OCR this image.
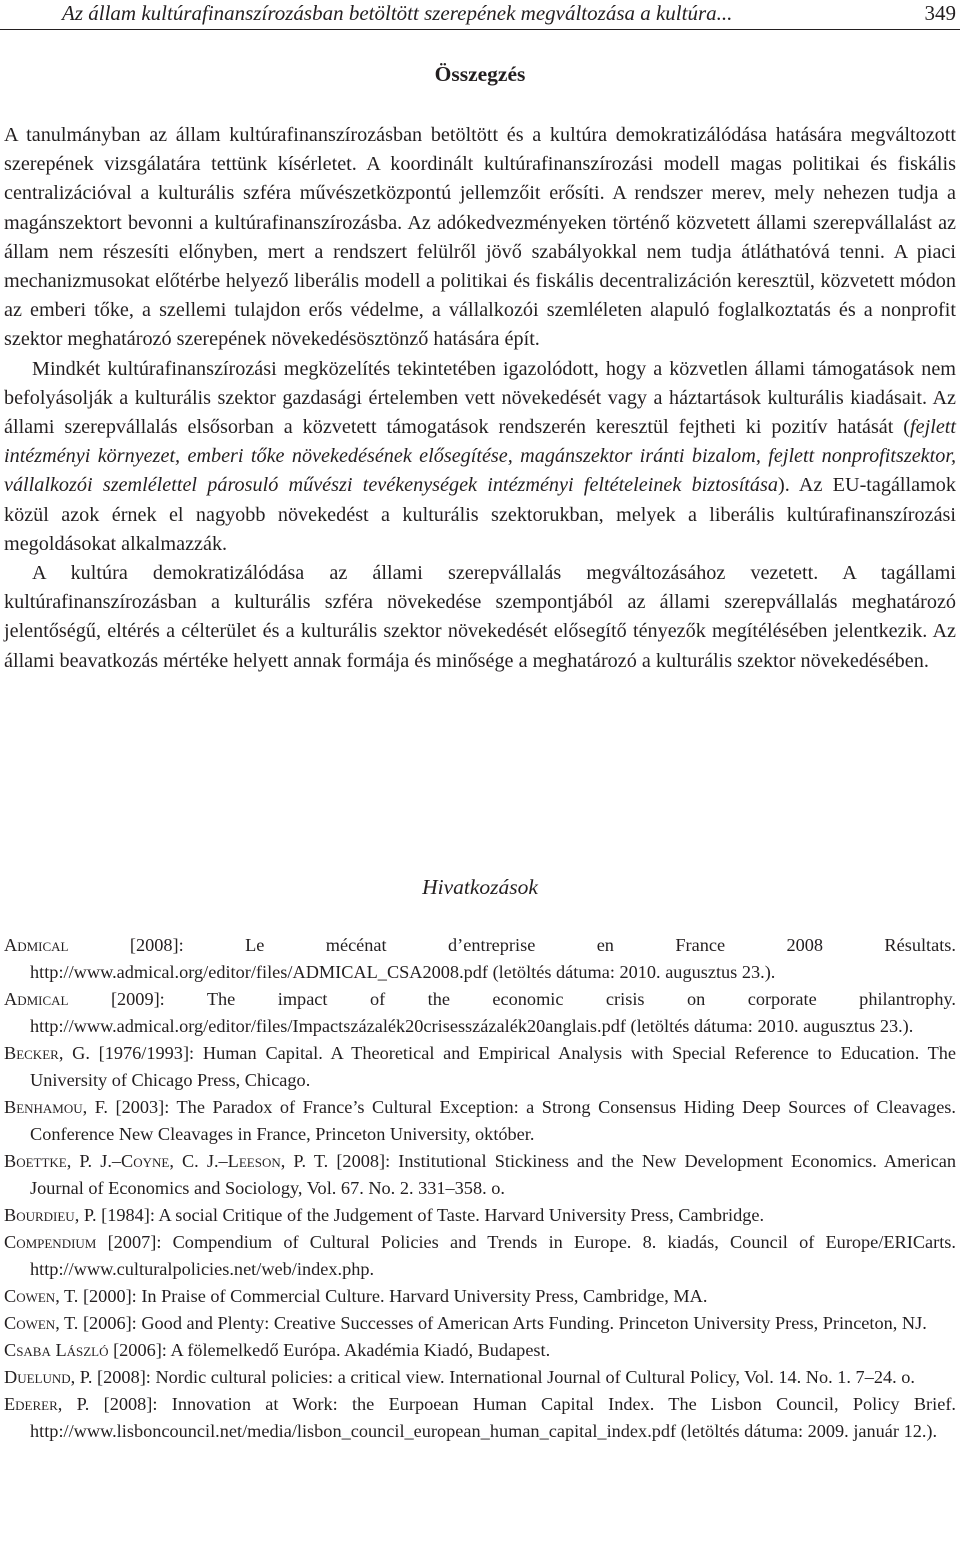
Az állam kultúrafinanszírozásban betöltött szerepének megváltozása a kultúra...	349
Összegzés

A tanulmányban az állam kultúrafinanszírozásban betöltött és a kultúra demokratizálódása hatására megváltozott szerepének vizsgálatára tettünk kísérletet. A koordinált kultúrafinanszírozási modell magas politikai és fiskális centralizációval a kulturális szféra művészetközpontú jellemzőit erősíti. A rendszer merev, mely nehezen tudja a magánszektort bevonni a kultúrafinanszírozásba. Az adókedvezményeken történő közvetett állami szerepvállalást az állam nem részesíti előnyben, mert a rendszert felülről jövő szabályokkal nem tudja átláthatóvá tenni. A piaci mechanizmusokat előtérbe helyező liberális modell a politikai és fiskális decentralizáción keresztül, közvetett módon az emberi tőke, a szellemi tulajdon erős védelme, a vállalkozói szemléleten alapuló foglalkoztatás és a nonprofit szektor meghatározó szerepének növekedésösztönző hatására épít.

Mindkét kultúrafinanszírozási megközelítés tekintetében igazolódott, hogy a közvetlen állami támogatások nem befolyásolják a kulturális szektor gazdasági értelemben vett növekedését vagy a háztartások kulturális kiadásait. Az állami szerepvállalás elsősorban a közvetett támogatások rendszerén keresztül fejtheti ki pozitív hatását (fejlett intézményi környezet, emberi tőke növekedésének elősegítése, magánszektor iránti bizalom, fejlett nonprofitszektor, vállalkozói szemlélettel párosuló művészi tevékenységek intézményi feltételeinek biztosítása). Az EU-tagállamok közül azok érnek el nagyobb növekedést a kulturális szektorukban, melyek a liberális kultúrafinanszírozási megoldásokat alkalmazzák.

A kultúra demokratizálódása az állami szerepvállalás megváltozásához vezetett. A tagállami kultúrafinanszírozásban a kulturális szféra növekedése szempontjából az állami szerepvállalás meghatározó jelentőségű, eltérés a célterület és a kulturális szektor növekedését elősegítő tényezők megítélésében jelentkezik. Az állami beavatkozás mértéke helyett annak formája és minősége a meghatározó a kulturális szektor növekedésében.

Hivatkozások

Admical [2008]: Le mécénat d’entreprise en France 2008 Résultats. http://www.admical.org/editor/files/ADMICAL_CSA2008.pdf (letöltés dátuma: 2010. augusztus 23.).

Admical [2009]: The impact of the economic crisis on corporate philantrophy. http://www.admical.org/editor/files/Impactszázalék20crisesszázalék20anglais.pdf (letöltés dátuma: 2010. augusztus 23.).

Becker, G. [1976/1993]: Human Capital. A Theoretical and Empirical Analysis with Special Reference to Education. The University of Chicago Press, Chicago.

Benhamou, F. [2003]: The Paradox of France’s Cultural Exception: a Strong Consensus Hiding Deep Sources of Cleavages. Conference New Cleavages in France, Princeton University, október.

Boettke, P. J.–Coyne, C. J.–Leeson, P. T. [2008]: Institutional Stickiness and the New Development Economics. American Journal of Economics and Sociology, Vol. 67. No. 2. 331–358. o.

Bourdieu, P. [1984]: A social Critique of the Judgement of Taste. Harvard University Press, Cambridge.

Compendium [2007]: Compendium of Cultural Policies and Trends in Europe. 8. kiadás, Council of Europe/ERICarts. http://www.culturalpolicies.net/web/index.php.

Cowen, T. [2000]: In Praise of Commercial Culture. Harvard University Press, Cambridge, MA.

Cowen, T. [2006]: Good and Plenty: Creative Successes of American Arts Funding. Princeton University Press, Princeton, NJ.

Csaba László [2006]: A fölemelkedő Európa. Akadémia Kiadó, Budapest.

Duelund, P. [2008]: Nordic cultural policies: a critical view. International Journal of Cultural Policy, Vol. 14. No. 1. 7–24. o.

Ederer, P. [2008]: Innovation at Work: the Eurpoean Human Capital Index. The Lisbon Council, Policy Brief. http://www.lisboncouncil.net/media/lisbon_council_european_human_capital_index.pdf (letöltés dátuma: 2009. január 12.).
